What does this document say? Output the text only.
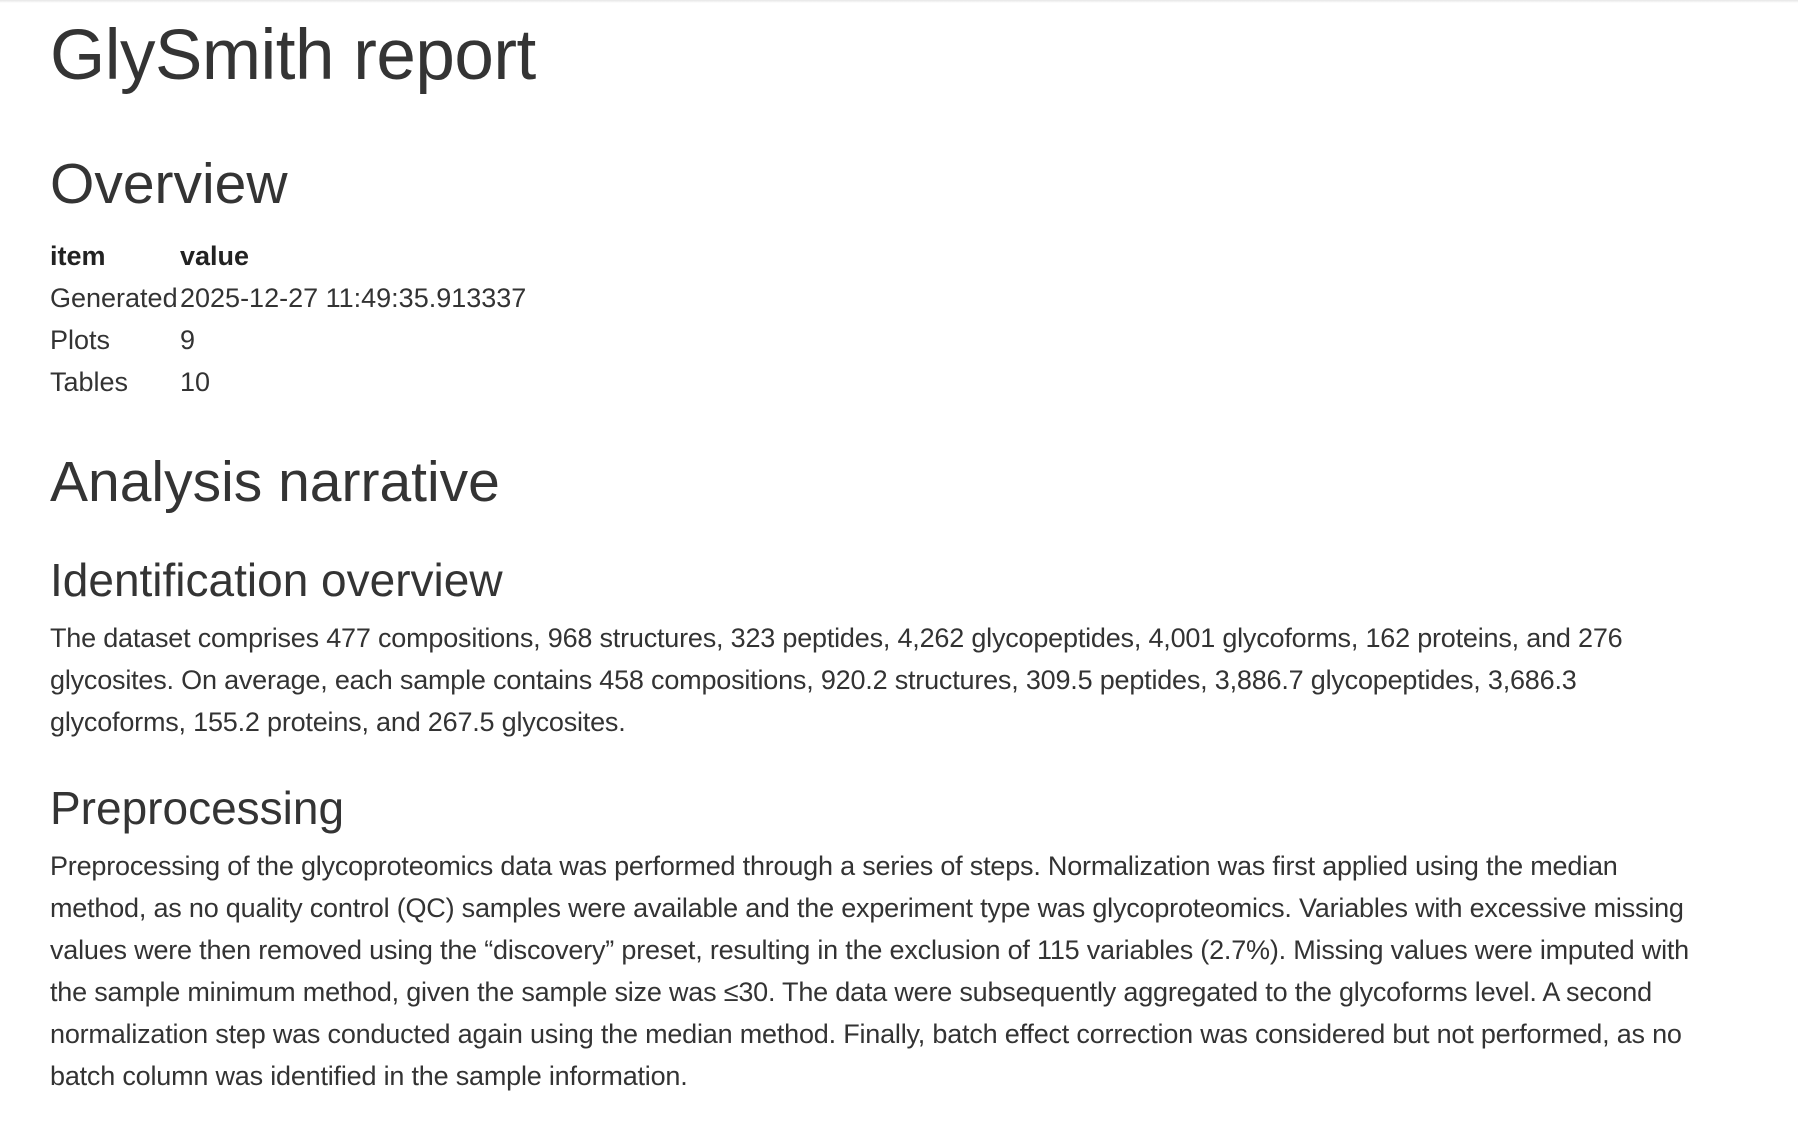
GlySmith report
Overview
item	value
Generated	2025-12-27 11:49:35.913337
Plots	9
Tables	10
Analysis narrative
Identification overview

The dataset comprises 477 compositions, 968 structures, 323 peptides, 4,262 glycopeptides, 4,001 glycoforms, 162 proteins, and 276 glycosites. On average, each sample contains 458 compositions, 920.2 structures, 309.5 peptides, 3,886.7 glycopeptides, 3,686.3 glycoforms, 155.2 proteins, and 267.5 glycosites.

Preprocessing

Preprocessing of the glycoproteomics data was performed through a series of steps. Normalization was first applied using the median method, as no quality control (QC) samples were available and the experiment type was glycoproteomics. Variables with excessive missing values were then removed using the “discovery” preset, resulting in the exclusion of 115 variables (2.7%). Missing values were imputed with the sample minimum method, given the sample size was ≤30. The data were subsequently aggregated to the glycoforms level. A second normalization step was conducted again using the median method. Finally, batch effect correction was considered but not performed, as no batch column was identified in the sample information.
